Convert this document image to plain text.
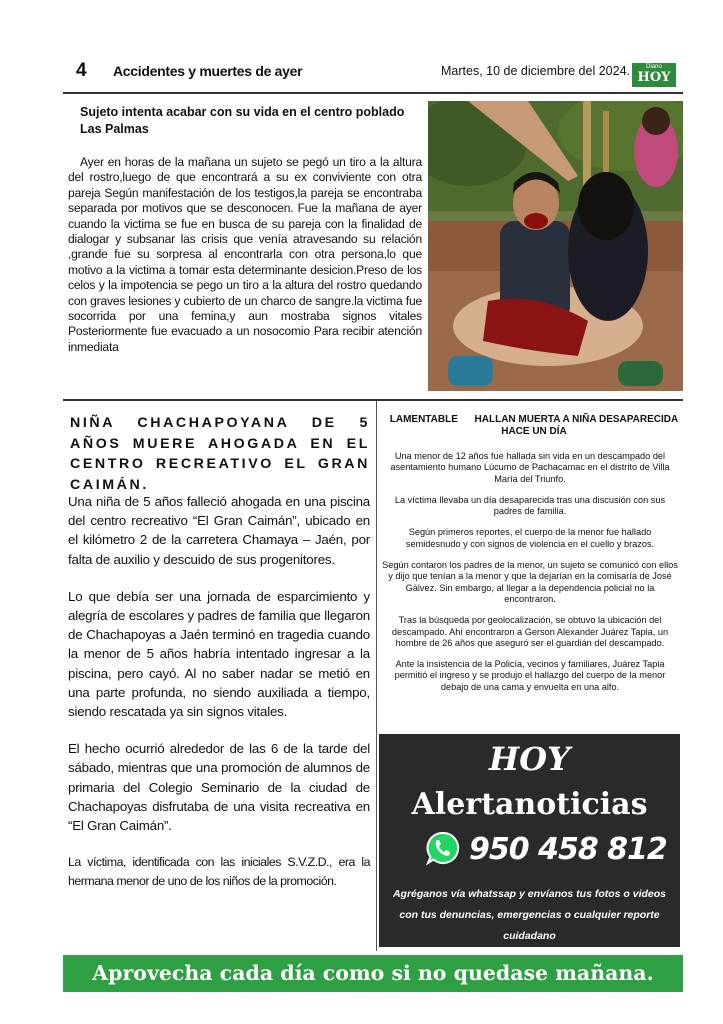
4 Accidentes y muertes de ayer	Martes, 10 de diciembre del 2024.	Diario
HOY
Sujeto intenta acabar con su vida en el centro poblado Las Palmas

Ayer en horas de la mañana un sujeto se pegó un tiro a la altura del rostro,luego de que encontrará a su ex conviviente con otra pareja Según manifestación de los testigos,la pareja se encontraba separada por motivos que se desconocen. Fue la mañana de ayer cuando la victima se fue en busca de su pareja con la finalidad de dialogar y subsanar las crisis que venía atravesando su relación ,grande fue su sorpresa al encontrarla con otra persona,lo que motivo a la victima a tomar esta determinante desicion.Preso de los celos y la impotencia se pego un tiro a la altura del rostro quedando con graves lesiones y cubierto de un charco de sangre.la victima fue socorrida por una femina,y aun mostraba signos vitales Posteriormente fue evacuado a un nosocomio Para recibir atención inmediata

NIÑA CHACHAPOYANA DE 5 AÑOS MUERE AHOGADA EN EL CENTRO RECREATIVO EL GRAN CAIMÁN.

Una niña de 5 años falleció ahogada en una piscina del centro recreativo “El Gran Caimán”, ubicado en el kilómetro 2 de la carretera Chamaya – Jaén, por falta de auxilio y descuido de sus progenitores.

Lo que debía ser una jornada de esparcimiento y alegría de escolares y padres de familia que llegaron de Chachapoyas a Jaén terminó en tragedia cuando la menor de 5 años habría intentado ingresar a la piscina, pero cayó. Al no saber nadar se metió en una parte profunda, no siendo auxiliada a tiempo, siendo rescatada ya sin signos vitales.

El hecho ocurrió alrededor de las 6 de la tarde del sábado, mientras que una promoción de alumnos de primaria del Colegio Seminario de la ciudad de Chachapoyas disfrutaba de una visita recreativa en “El Gran Caimán”.

La víctima, identificada con las iniciales S.V.Z.D., era la hermana menor de uno de los niños de la promoción.

LAMENTABLE      HALLAN MUERTA A NIÑA DESAPARECIDA HACE UN DÍA

Una menor de 12 años fue hallada sin vida en un descampado del asentamiento humano Lúcumo de Pachacamac en el distrito de Villa María del Triunfo.

La víctima llevaba un día desaparecida tras una discusión con sus padres de familia.

Según primeros reportes, el cuerpo de la menor fue hallado semidesnudo y con signos de violencia en el cuello y brazos.

Según contaron los padres de la menor, un sujeto se comunicó con ellos y dijo que tenían a la menor y que la dejarían en la comisaría de José Gálvez. Sin embargo, al llegar a la dependencia policial no la encontraron.

Tras la búsqueda por geolocalización, se obtuvo la ubicación del descampado. Ahí encontraron a Gerson Alexander Juárez Tapia, un hombre de 26 años que aseguró ser el guardián del descampado.

Ante la insistencia de la Policía, vecinos y familiares, Juárez Tapia permitió el ingreso y se produjo el hallazgo del cuerpo de la menor debajo de una cama y envuelta en una alfo.

HOY
Alertanoticias
950 458 812
Agréganos vía whatssap y envíanos tus fotos o videos con tus denuncias, emergencias o cualquier reporte cuidadano
Aprovecha cada día como si no quedase mañana.
